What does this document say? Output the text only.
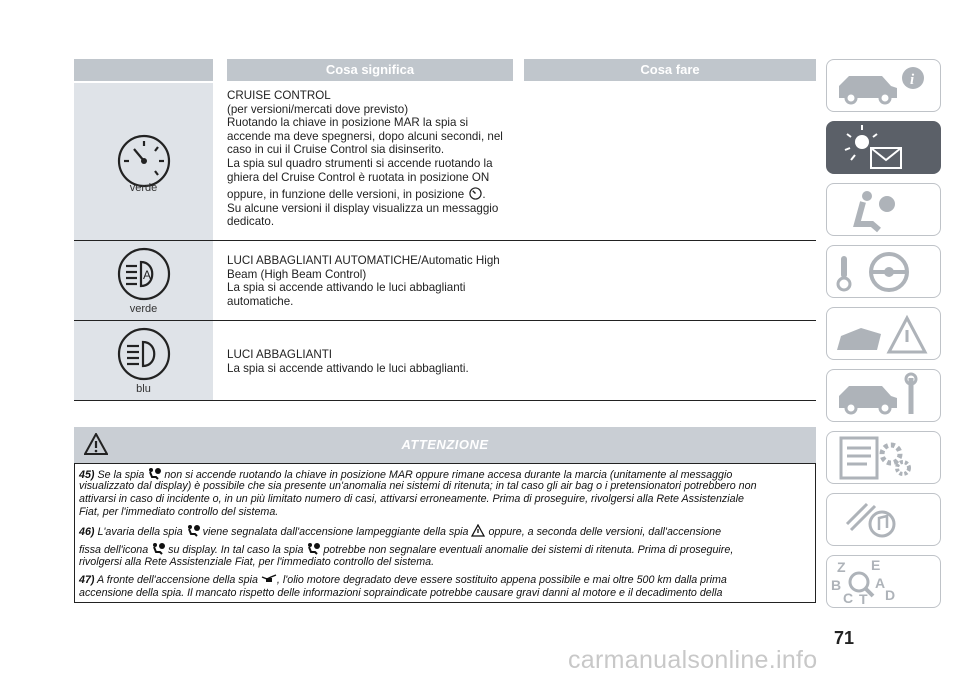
Cosa significa	Cosa fare
verde
CRUISE CONTROL
(per versioni/mercati dove previsto)
Ruotando la chiave in posizione MAR la spia si
accende ma deve spegnersi, dopo alcuni secondi, nel
caso in cui il Cruise Control sia disinserito.
La spia sul quadro strumenti si accende ruotando la
ghiera del Cruise Control è ruotata in posizione ON
oppure, in funzione delle versioni, in posizione .
Su alcune versioni il display visualizza un messaggio
dedicato.
A
verde
LUCI ABBAGLIANTI AUTOMATICHE/Automatic High
Beam (High Beam Control)
La spia si accende attivando le luci abbaglianti
automatiche.
blu
LUCI ABBAGLIANTI
La spia si accende attivando le luci abbaglianti.
ATTENZIONE
45) Se la spia non si accende ruotando la chiave in posizione MAR oppure rimane accesa durante la marcia (unitamente al messaggio
visualizzato dal display) è possibile che sia presente un'anomalia nei sistemi di ritenuta; in tal caso gli air bag o i pretensionatori potrebbero non
attivarsi in caso di incidente o, in un più limitato numero di casi, attivarsi erroneamente. Prima di proseguire, rivolgersi alla Rete Assistenziale
Fiat, per l'immediato controllo del sistema.
46) L'avaria della spia viene segnalata dall'accensione lampeggiante della spia oppure, a seconda delle versioni, dall'accensione
fissa dell'icona su display. In tal caso la spia potrebbe non segnalare eventuali anomalie dei sistemi di ritenuta. Prima di proseguire,
rivolgersi alla Rete Assistenziale Fiat, per l'immediato controllo del sistema.
47) A fronte dell'accensione della spia , l'olio motore degradato deve essere sostituito appena possibile e mai oltre 500 km dalla prima
accensione della spia. Il mancato rispetto delle informazioni sopraindicate potrebbe causare gravi danni al motore e il decadimento della
i
Z E
B A
C T D
71
carmanualsonline.info
